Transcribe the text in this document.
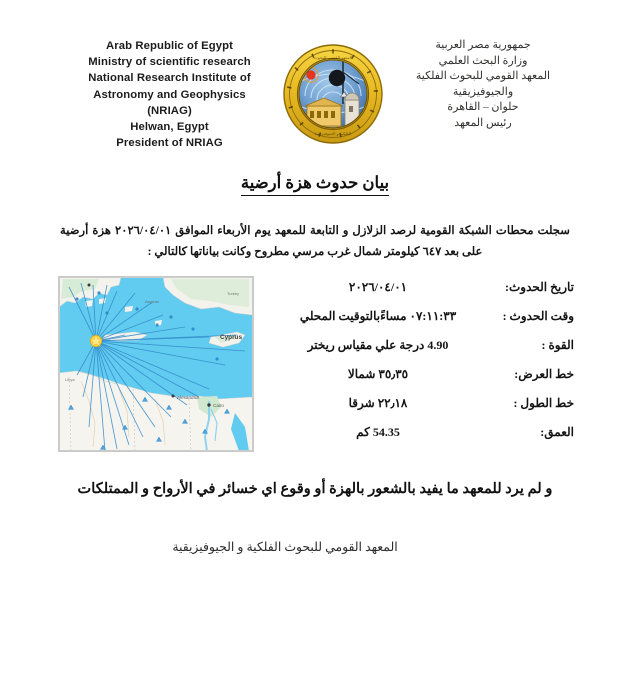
Arab Republic of Egypt
Ministry of scientific research
National Research Institute of
Astronomy and Geophysics
(NRIAG)
Helwan, Egypt
President of NRIAG
المعهد القومى للبحوث
الفلكية و الجيوفيزيقية
جمهورية مصر العربية
وزارة البحث العلمي
المعهد القومي للبحوث الفلكية
والجيوفيزيقية
حلوان – القاهرة
رئيس المعهد
بيان حدوث هزة أرضية
سجلت محطات الشبكة القومية لرصد الزلازل و التابعة للمعهد يوم الأربعاء الموافق ٢٠٢٦/٠٤/٠١ هزة أرضية على بعد ٦٤٧ كيلومتر شمال غرب مرسي مطروح وكانت بياناتها كالتالي :
تاريخ الحدوث:
٢٠٢٦/٠٤/٠١
وقت الحدوث :
٠٧:١١:٣٣ مساءًبالتوقيت المحلي
القوة :
4.90 درجة علي مقياس ريختر
خط العرض:
٣٥٫٣٥ شمالا
خط الطول :
٢٢٫١٨ شرقا
العمق:
54.35 كم
Cyprus
Alexandria
Cairo
Libya
Aegean
Turkey
و لم يرد للمعهد ما يفيد بالشعور بالهزة أو وقوع اي خسائر في الأرواح و الممتلكات
المعهد القومي للبحوث الفلكية و الجيوفيزيقية
